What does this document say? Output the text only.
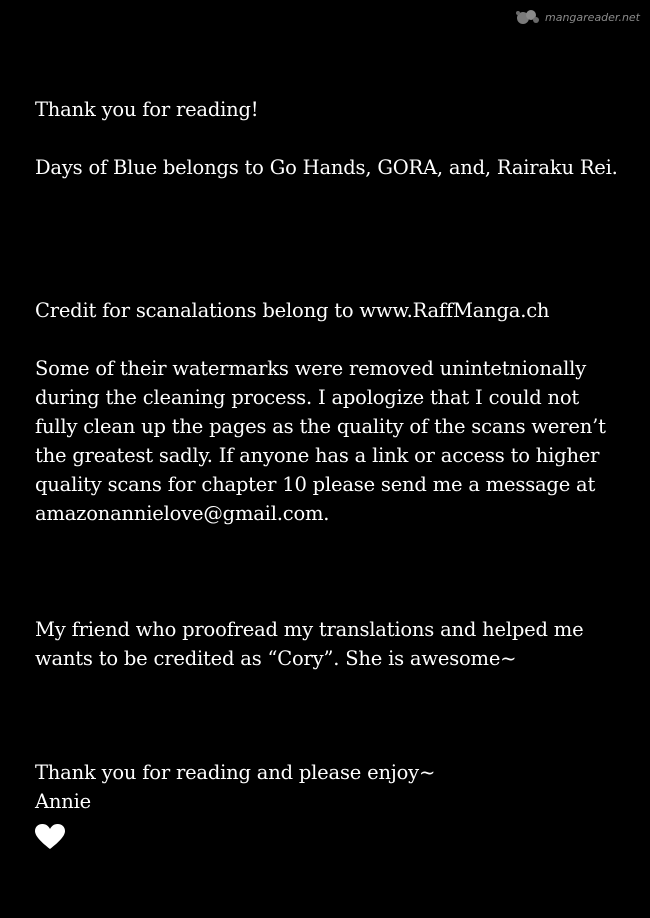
mangareader.net
Thank you for reading!
Days of Blue belongs to Go Hands, GORA, and, Rairaku Rei.
Credit for scanalations belong to www.RaffManga.ch
Some of their watermarks were removed unintetnionally
during the cleaning process. I apologize that I could not
fully clean up the pages as the quality of the scans weren’t
the greatest sadly. If anyone has a link or access to higher
quality scans for chapter 10 please send me a message at
amazonannielove@gmail.com.
My friend who proofread my translations and helped me
wants to be credited as “Cory”. She is awesome~
Thank you for reading and please enjoy~
Annie
